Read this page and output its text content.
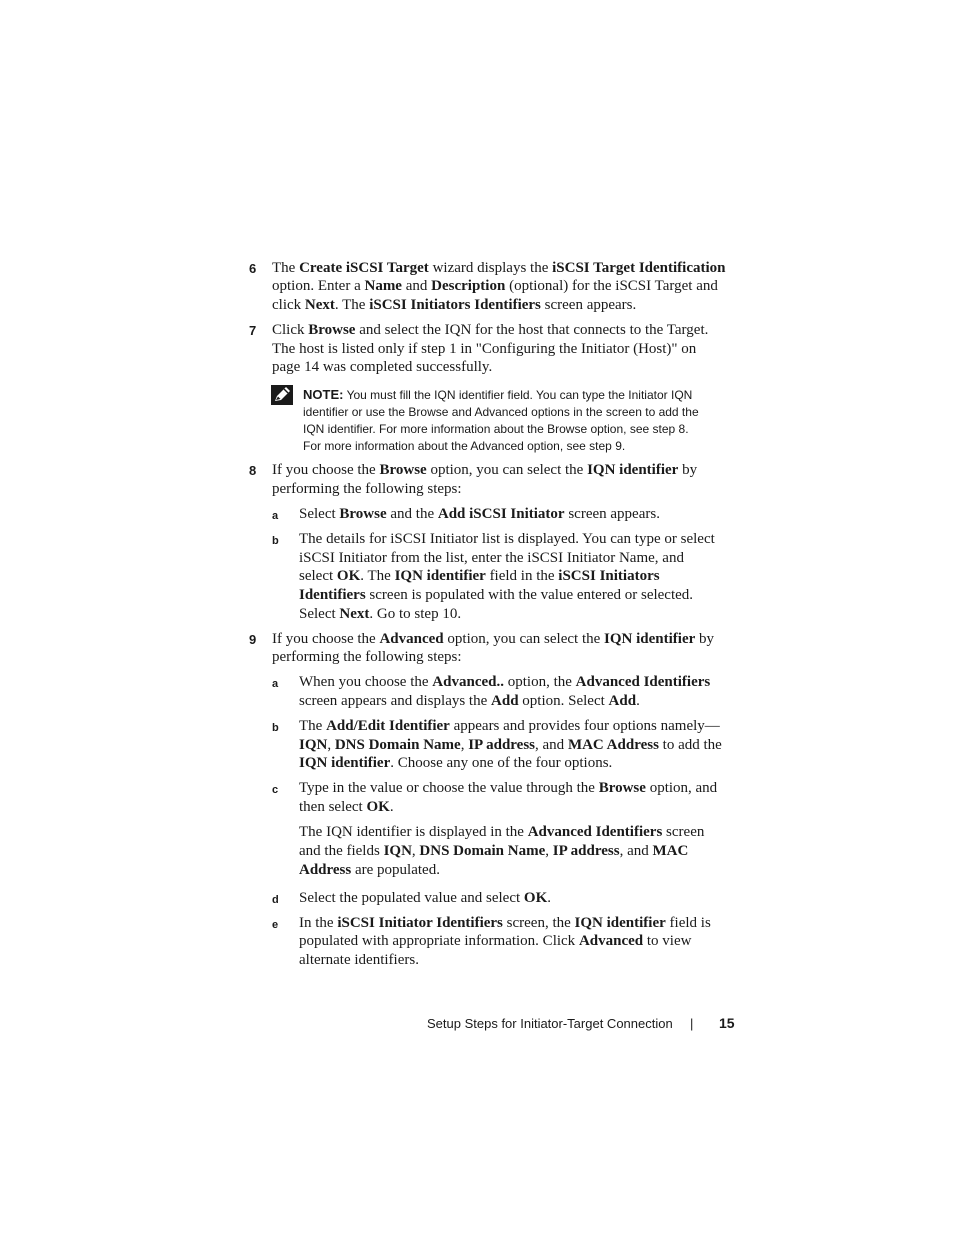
6 The Create iSCSI Target wizard displays the iSCSI Target Identification
option. Enter a Name and Description (optional) for the iSCSI Target and
click Next. The iSCSI Initiators Identifiers screen appears.
7 Click Browse and select the IQN for the host that connects to the Target.
The host is listed only if step 1 in "Configuring the Initiator (Host)" on
page 14 was completed successfully.
NOTE: You must fill the IQN identifier field. You can type the Initiator IQN
identifier or use the Browse and Advanced options in the screen to add the
IQN identifier. For more information about the Browse option, see step 8.
For more information about the Advanced option, see step 9.
8 If you choose the Browse option, you can select the IQN identifier by
performing the following steps:
a Select Browse and the Add iSCSI Initiator screen appears.
b The details for iSCSI Initiator list is displayed. You can type or select
iSCSI Initiator from the list, enter the iSCSI Initiator Name, and
select OK. The IQN identifier field in the iSCSI Initiators
Identifiers screen is populated with the value entered or selected.
Select Next. Go to step 10.
9 If you choose the Advanced option, you can select the IQN identifier by
performing the following steps:
a When you choose the Advanced.. option, the Advanced Identifiers
screen appears and displays the Add option. Select Add.
b The Add/Edit Identifier appears and provides four options namely—
IQN, DNS Domain Name, IP address, and MAC Address to add the
IQN identifier. Choose any one of the four options.
c Type in the value or choose the value through the Browse option, and
then select OK.
The IQN identifier is displayed in the Advanced Identifiers screen
and the fields IQN, DNS Domain Name, IP address, and MAC
Address are populated.
d Select the populated value and select OK.
e In the iSCSI Initiator Identifiers screen, the IQN identifier field is
populated with appropriate information. Click Advanced to view
alternate identifiers.
Setup Steps for Initiator-Target Connection | 15
